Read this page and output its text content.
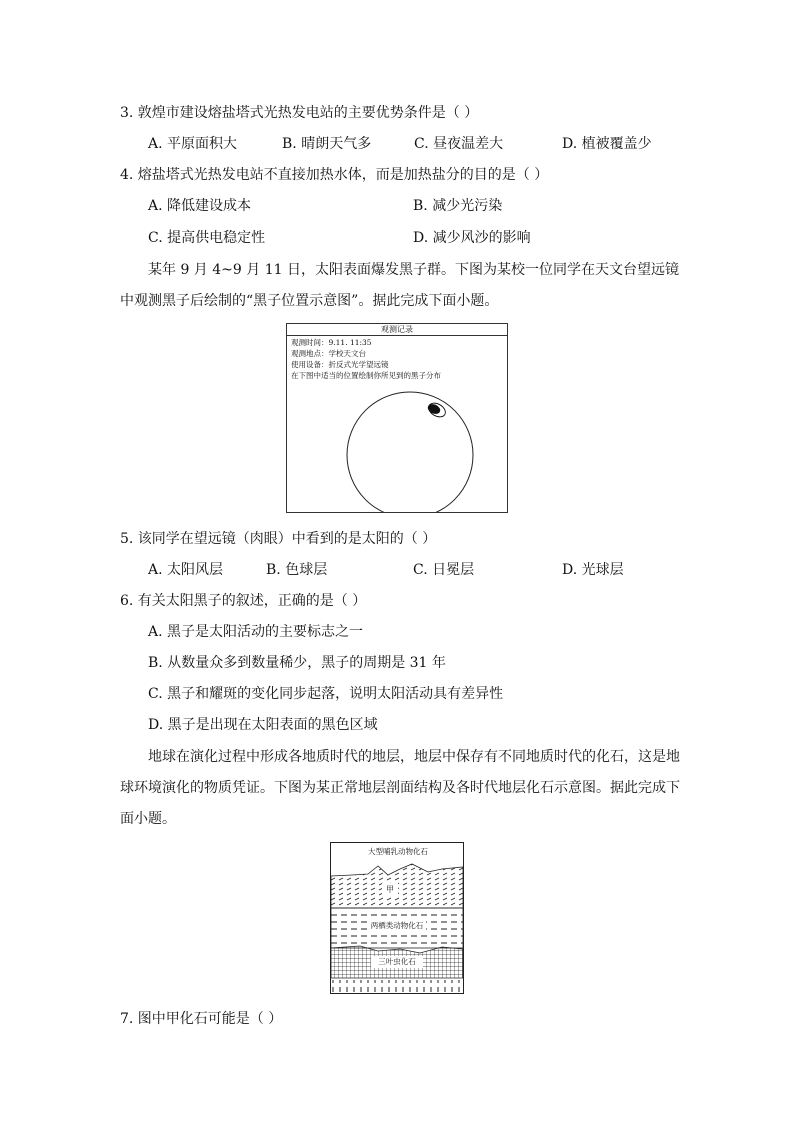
3. 敦煌市建设熔盐塔式光热发电站的主要优势条件是（ ）
A. 平原面积大	B. 晴朗天气多	C. 昼夜温差大	D. 植被覆盖少
4. 熔盐塔式光热发电站不直接加热水体，而是加热盐分的目的是（ ）
A. 降低建设成本	B. 减少光污染
C. 提高供电稳定性	D. 减少风沙的影响
某年 9 月 4~9 月 11 日，太阳表面爆发黑子群。下图为某校一位同学在天文台望远镜中观测黑子后绘制的“黑子位置示意图”。据此完成下面小题。
观测记录
观测时间：9.11. 11:35
观测地点：学校天文台
使用设备：折反式光学望远镜
在下图中适当的位置绘制你所见到的黑子分布
5. 该同学在望远镜（肉眼）中看到的是太阳的（ ）
A. 太阳风层	B. 色球层	C. 日冕层	D. 光球层
6. 有关太阳黑子的叙述，正确的是（ ）
A. 黑子是太阳活动的主要标志之一
B. 从数量众多到数量稀少，黑子的周期是 31 年
C. 黑子和耀斑的变化同步起落，说明太阳活动具有差异性
D. 黑子是出现在太阳表面的黑色区域
地球在演化过程中形成各地质时代的地层，地层中保存有不同地质时代的化石，这是地球环境演化的物质凭证。下图为某正常地层剖面结构及各时代地层化石示意图。据此完成下面小题。
大型哺乳动物化石
甲
两栖类动物化石
三叶虫化石
7. 图中甲化石可能是（ ）
